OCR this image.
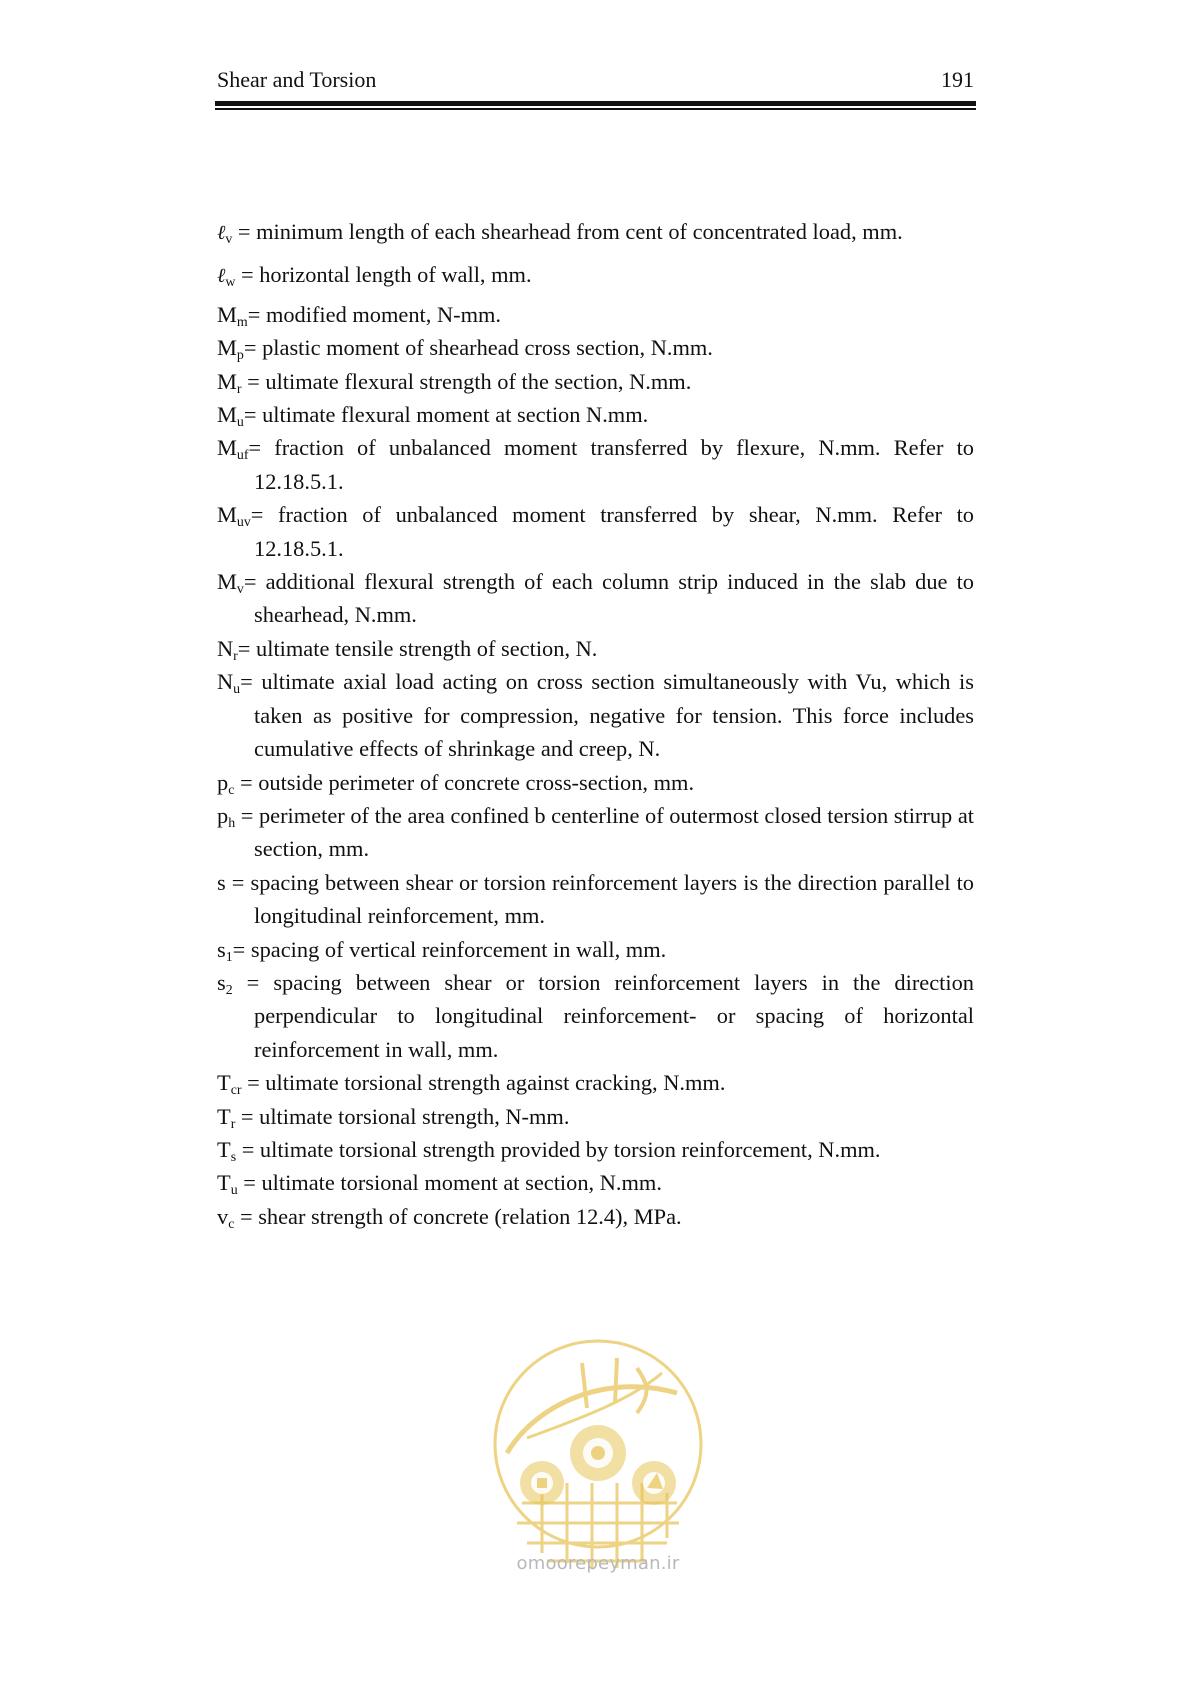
Shear and Torsion	191

ℓ$_v$ = minimum length of each shearhead from cent of concentrated load, mm.

ℓ$_w$ = horizontal length of wall, mm.

$M_m=$ modified moment, N-mm.

$M_p=$ plastic moment of shearhead cross section, N.mm.

$M_r$ = ultimate flexural strength of the section, N.mm.

$M_u=$ ultimate flexural moment at section N.mm.

$M_{uf}=$ fraction of unbalanced moment transferred by flexure, N.mm. Refer to 12.18.5.1.

$M_{uv}=$ fraction of unbalanced moment transferred by shear, N.mm. Refer to 12.18.5.1.

$M_v=$ additional flexural strength of each column strip induced in the slab due to shearhead, N.mm.

$N_r=$ ultimate tensile strength of section, N.

$N_u=$ ultimate axial load acting on cross section simultaneously with Vu, which is taken as positive for compression, negative for tension. This force includes cumulative effects of shrinkage and creep, N.

$p_c$ = outside perimeter of concrete cross-section, mm.

$p_h$ = perimeter of the area confined b centerline of outermost closed tersion stirrup at section, mm.

s = spacing between shear or torsion reinforcement layers is the direction parallel to longitudinal reinforcement, mm.

$s_1=$ spacing of vertical reinforcement in wall, mm.

$s_2$ = spacing between shear or torsion reinforcement layers in the direction perpendicular to longitudinal reinforcement- or spacing of horizontal reinforcement in wall, mm.

$T_{cr}$ = ultimate torsional strength against cracking, N.mm.

$T_r$ = ultimate torsional strength, N-mm.

$T_s$ = ultimate torsional strength provided by torsion reinforcement, N.mm.

$T_u$ = ultimate torsional moment at section, N.mm.

$v_c$ = shear strength of concrete (relation 12.4), MPa.

omoorepeyman.ir
